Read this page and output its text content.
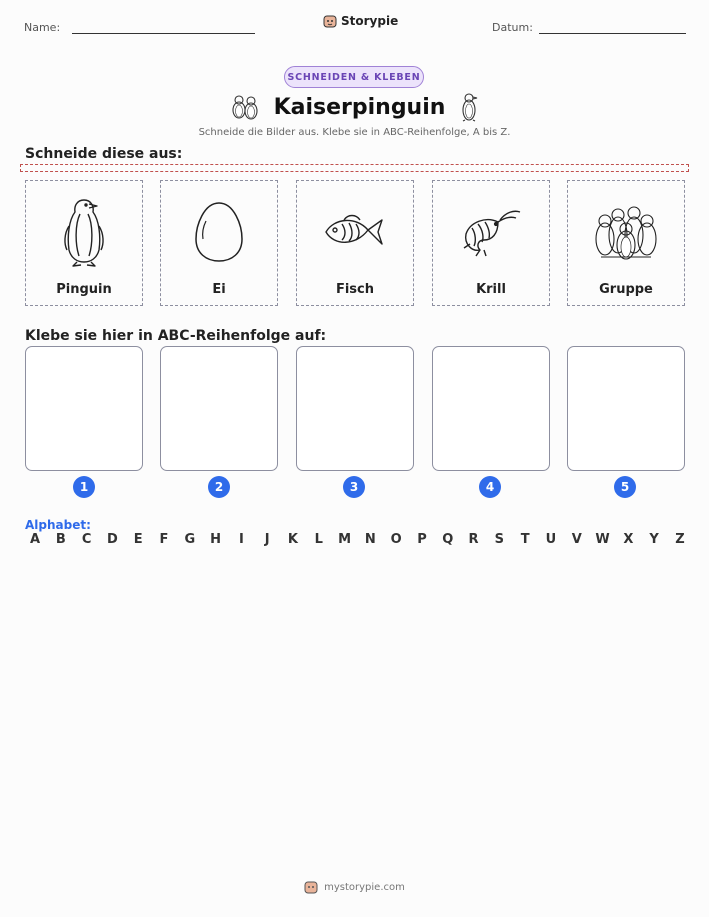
Name:	Storypie	Datum:
SCHNEIDEN & KLEBEN
Kaiserpinguin
Schneide die Bilder aus. Klebe sie in ABC-Reihenfolge, A bis Z.
Schneide diese aus:
Pinguin	Ei	Fisch	Krill	Gruppe
Klebe sie hier in ABC-Reihenfolge auf:
1	2	3	4	5
Alphabet:
A	B	C	D	E	F	G	H	I	J	K	L	M	N	O	P	Q	R	S	T	U	V	W	X	Y	Z
mystorypie.com
